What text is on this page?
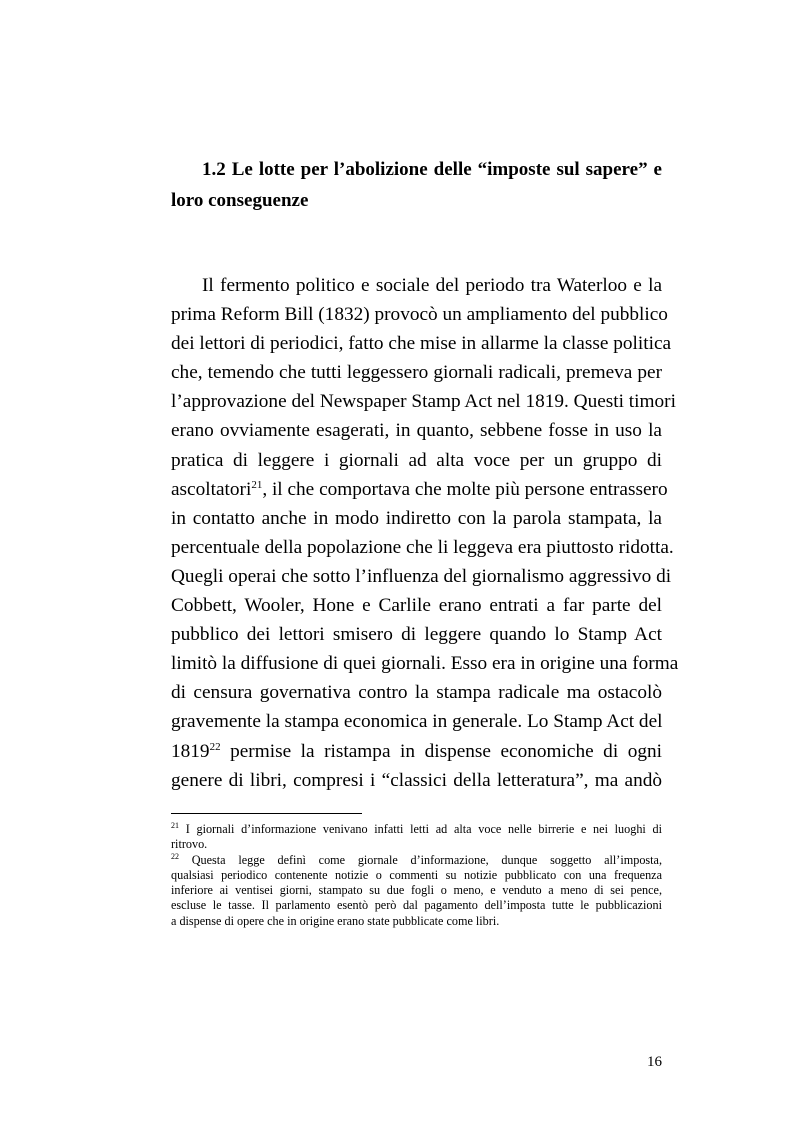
1.2 Le lotte per l’abolizione delle “imposte sul sapere” e loro conseguenze
Il fermento politico e sociale del periodo tra Waterloo e la
prima Reform Bill (1832) provocò un ampliamento del pubblico
dei lettori di periodici, fatto che mise in allarme la classe politica
che, temendo che tutti leggessero giornali radicali, premeva per
l’approvazione del Newspaper Stamp Act nel 1819. Questi timori
erano ovviamente esagerati, in quanto, sebbene fosse in uso la
pratica di leggere i giornali ad alta voce per un gruppo di
ascoltatori$^{21}$, il che comportava che molte più persone entrassero
in contatto anche in modo indiretto con la parola stampata, la
percentuale della popolazione che li leggeva era piuttosto ridotta.
Quegli operai che sotto l’influenza del giornalismo aggressivo di
Cobbett, Wooler, Hone e Carlile erano entrati a far parte del
pubblico dei lettori smisero di leggere quando lo Stamp Act
limitò la diffusione di quei giornali. Esso era in origine una forma
di censura governativa contro la stampa radicale ma ostacolò
gravemente la stampa economica in generale. Lo Stamp Act del
1819$^{22}$ permise la ristampa in dispense economiche di ogni
genere di libri, compresi i “classici della letteratura”, ma andò
$^{21}$ I giornali d’informazione venivano infatti letti ad alta voce nelle birrerie e nei luoghi di
ritrovo.
$^{22}$ Questa legge definì come giornale d’informazione, dunque soggetto all’imposta,
qualsiasi periodico contenente notizie o commenti su notizie pubblicato con una frequenza
inferiore ai ventisei giorni, stampato su due fogli o meno, e venduto a meno di sei pence,
escluse le tasse. Il parlamento esentò però dal pagamento dell’imposta tutte le pubblicazioni
a dispense di opere che in origine erano state pubblicate come libri.
16
